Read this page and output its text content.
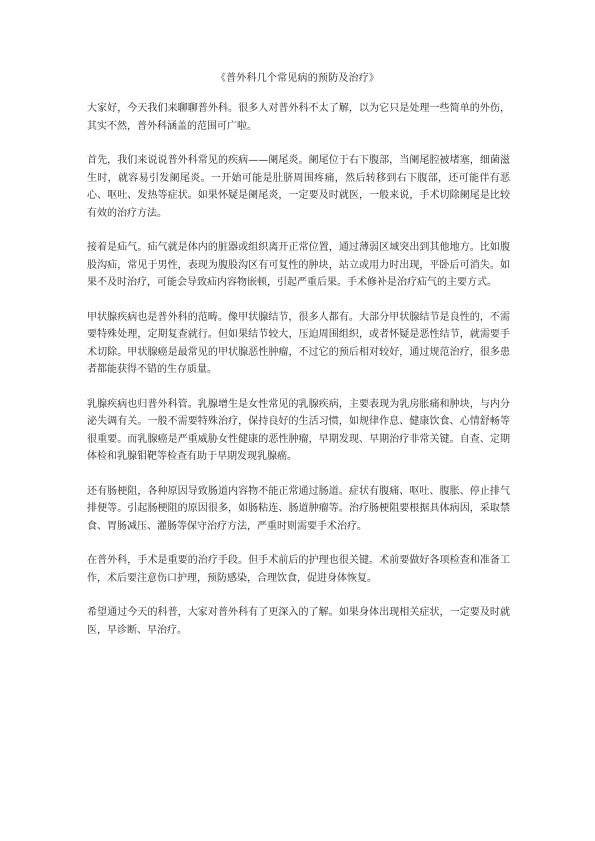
《普外科几个常见病的预防及治疗》

大家好，今天我们来聊聊普外科。很多人对普外科不太了解，以为它只是处理一些简单的外伤，其实不然，普外科涵盖的范围可广啦。

首先，我们来说说普外科常见的疾病——阑尾炎。阑尾位于右下腹部，当阑尾腔被堵塞，细菌滋生时，就容易引发阑尾炎。一开始可能是肚脐周围疼痛，然后转移到右下腹部，还可能伴有恶心、呕吐、发热等症状。如果怀疑是阑尾炎，一定要及时就医，一般来说，手术切除阑尾是比较有效的治疗方法。

接着是疝气。疝气就是体内的脏器或组织离开正常位置，通过薄弱区域突出到其他地方。比如腹股沟疝，常见于男性，表现为腹股沟区有可复性的肿块，站立或用力时出现，平卧后可消失。如果不及时治疗，可能会导致疝内容物嵌顿，引起严重后果。手术修补是治疗疝气的主要方式。

甲状腺疾病也是普外科的范畴。像甲状腺结节，很多人都有。大部分甲状腺结节是良性的，不需要特殊处理，定期复查就行。但如果结节较大，压迫周围组织，或者怀疑是恶性结节，就需要手术切除。甲状腺癌是最常见的甲状腺恶性肿瘤，不过它的预后相对较好，通过规范治疗，很多患者都能获得不错的生存质量。

乳腺疾病也归普外科管。乳腺增生是女性常见的乳腺疾病，主要表现为乳房胀痛和肿块，与内分泌失调有关。一般不需要特殊治疗，保持良好的生活习惯，如规律作息、健康饮食、心情舒畅等很重要。而乳腺癌是严重威胁女性健康的恶性肿瘤，早期发现、早期治疗非常关键。自查、定期体检和乳腺钼靶等检查有助于早期发现乳腺癌。

还有肠梗阻，各种原因导致肠道内容物不能正常通过肠道。症状有腹痛、呕吐、腹胀、停止排气排便等。引起肠梗阻的原因很多，如肠粘连、肠道肿瘤等。治疗肠梗阻要根据具体病因，采取禁食、胃肠减压、灌肠等保守治疗方法，严重时则需要手术治疗。

在普外科，手术是重要的治疗手段。但手术前后的护理也很关键。术前要做好各项检查和准备工作，术后要注意伤口护理，预防感染，合理饮食，促进身体恢复。

希望通过今天的科普，大家对普外科有了更深入的了解。如果身体出现相关症状，一定要及时就医，早诊断、早治疗。
